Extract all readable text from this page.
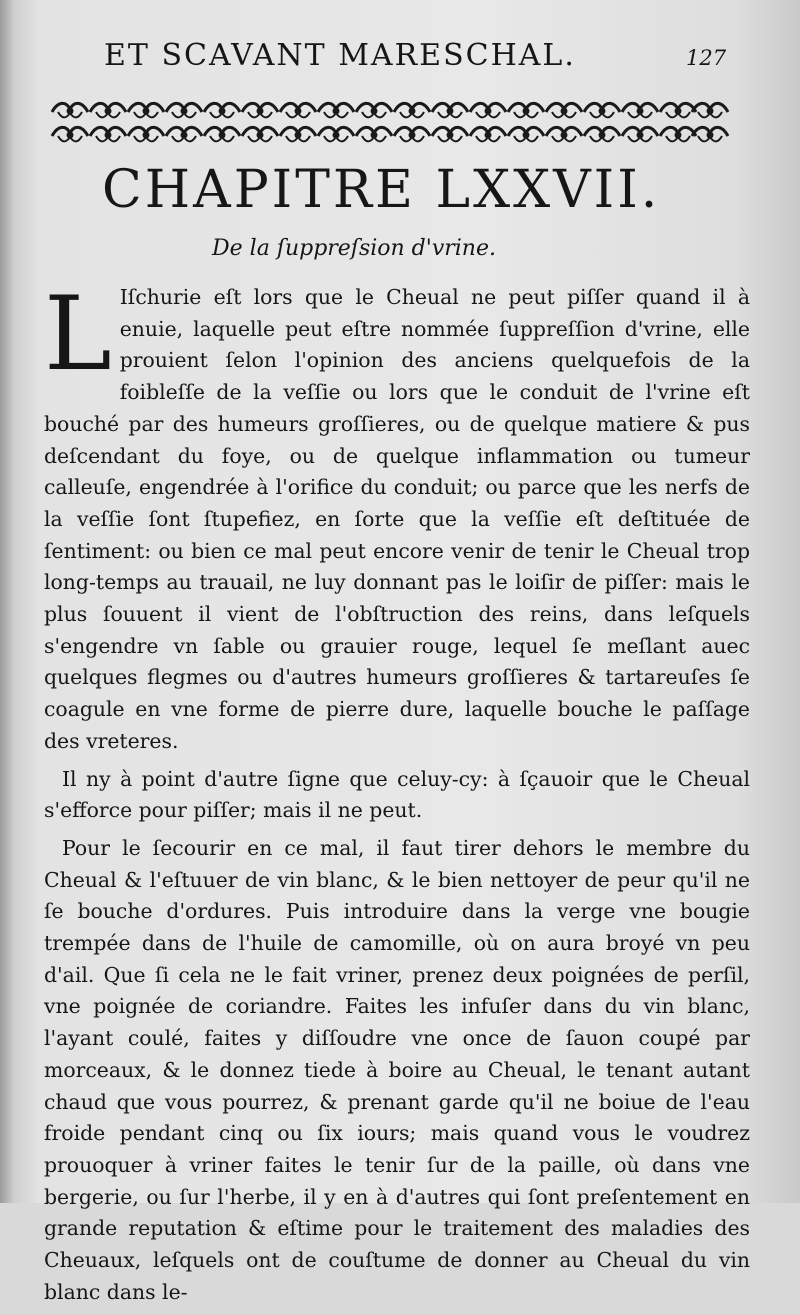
ET SCAVANT MARESCHAL.	127
CHAPITRE LXXVII.
De la ſuppreſsion d'vrine.

L Iſchurie eſt lors que le Cheual ne peut piſſer quand il à enuie, laquelle peut eſtre nommée ſuppreſſion d'vrine, elle prouient ſelon l'opinion des anciens quelquefois de la foibleſſe de la veſſie ou lors que le conduit de l'vrine eſt bouché par des humeurs groſſieres, ou de quelque matiere & pus deſcendant du foye, ou de quelque inflammation ou tumeur calleuſe, engendrée à l'orifice du conduit; ou parce que les nerfs de la veſſie ſont ſtupefiez, en ſorte que la veſſie eſt deſtituée de ſentiment: ou bien ce mal peut encore venir de tenir le Cheual trop long-temps au trauail, ne luy donnant pas le loiſir de piſſer: mais le plus ſouuent il vient de l'obſtruction des reins, dans leſquels s'engendre vn ſable ou grauier rouge, lequel ſe meſlant auec quelques flegmes ou d'autres humeurs groſſieres & tartareuſes ſe coagule en vne forme de pierre dure, laquelle bouche le paſſage des vreteres.

Il ny à point d'autre ſigne que celuy-cy: à ſçauoir que le Cheual s'efforce pour piſſer; mais il ne peut.

Pour le ſecourir en ce mal, il faut tirer dehors le membre du Cheual & l'eſtuuer de vin blanc, & le bien nettoyer de peur qu'il ne ſe bouche d'ordures. Puis introduire dans la verge vne bougie trempée dans de l'huile de camomille, où on aura broyé vn peu d'ail. Que ſi cela ne le fait vriner, prenez deux poignées de perſil, vne poignée de coriandre. Faites les infuſer dans du vin blanc, l'ayant coulé, faites y diſſoudre vne once de ſauon coupé par morceaux, & le donnez tiede à boire au Cheual, le tenant autant chaud que vous pourrez, & prenant garde qu'il ne boiue de l'eau froide pendant cinq ou ſix iours; mais quand vous le voudrez prouoquer à vriner faites le tenir ſur de la paille, où dans vne bergerie, ou ſur l'herbe, il y en à d'autres qui ſont preſentement en grande reputation & eſtime pour le traitement des maladies des Cheuaux, leſquels ont de couſtume de donner au Cheual du vin blanc dans le-
